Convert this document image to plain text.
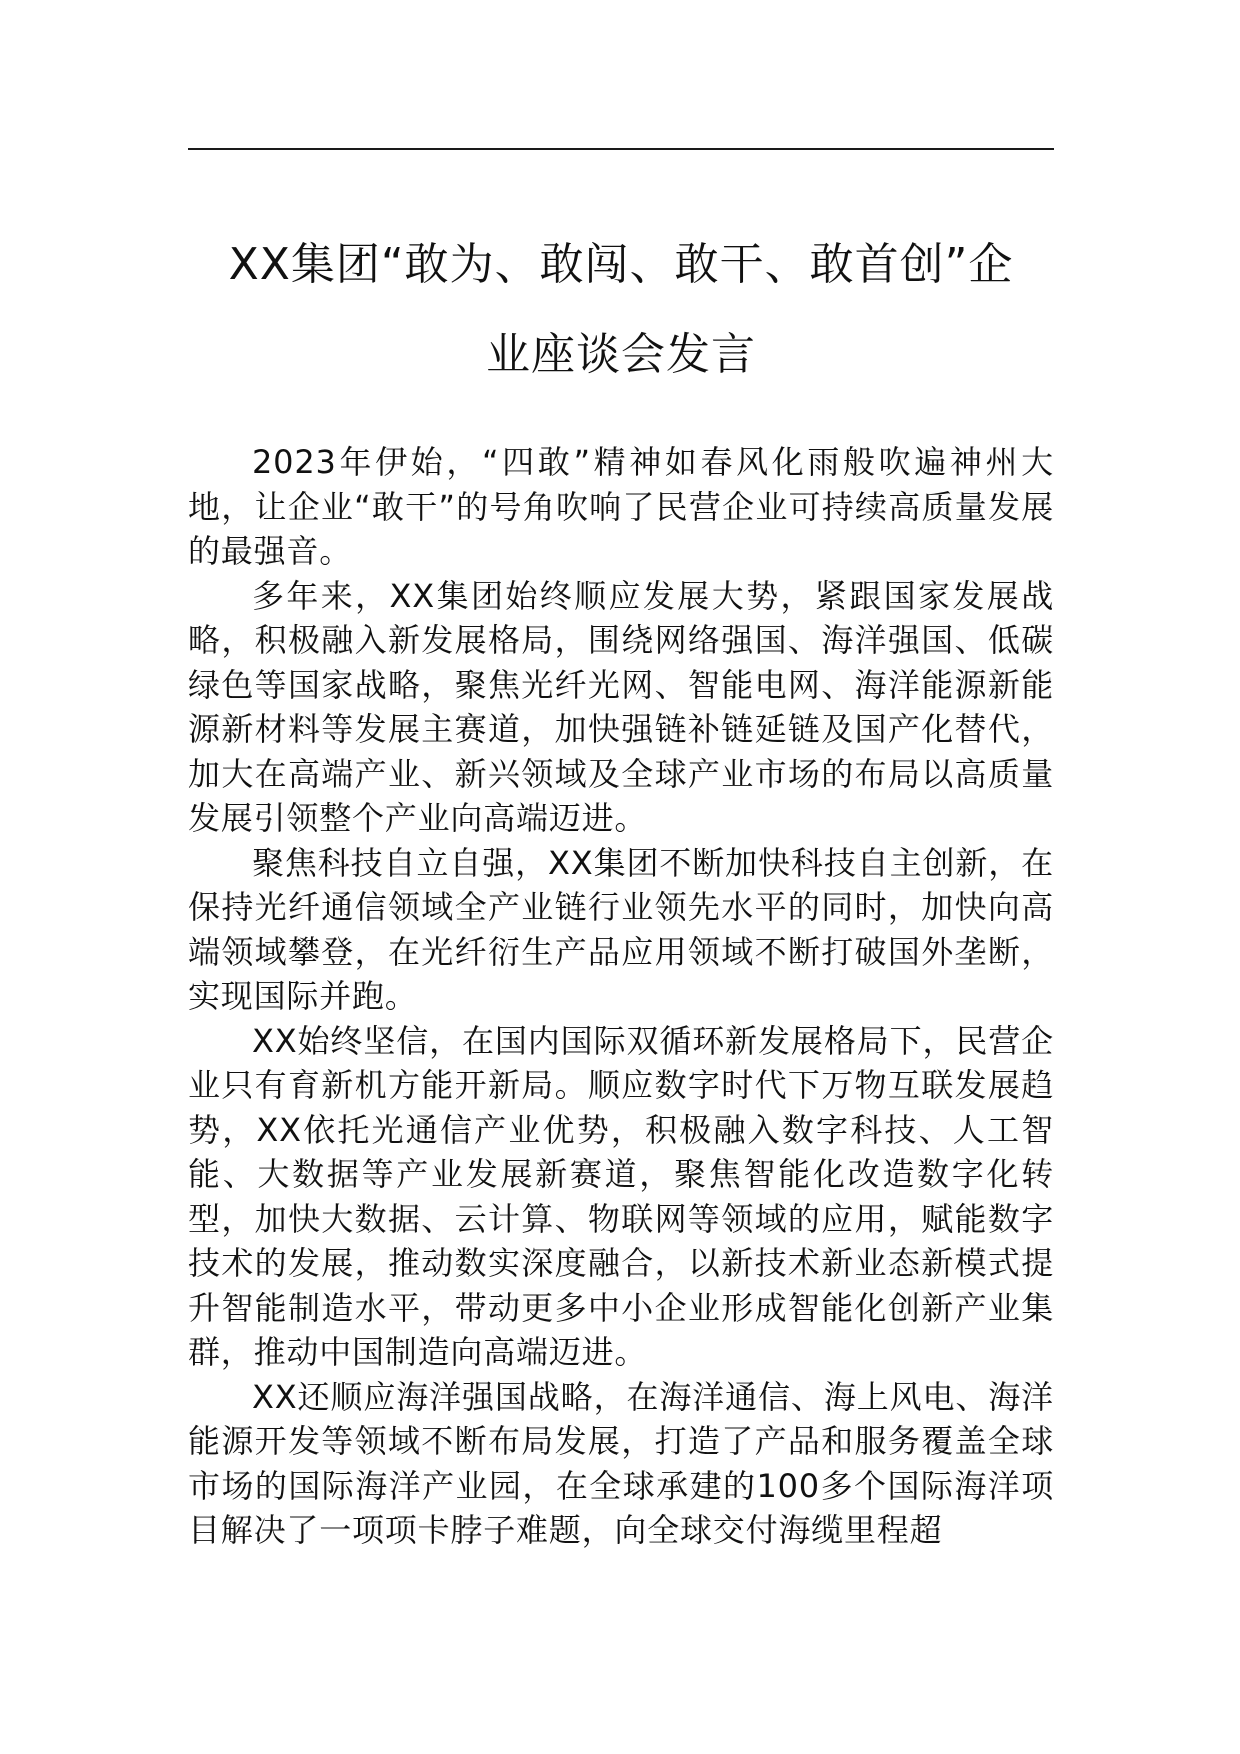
XX集团“敢为、敢闯、敢干、敢首创”企
业座谈会发言

2023年伊始，“四敢”精神如春风化雨般吹遍神州大地，让企业“敢干”的号角吹响了民营企业可持续高质量发展的最强音。

多年来，XX集团始终顺应发展大势，紧跟国家发展战略，积极融入新发展格局，围绕网络强国、海洋强国、低碳绿色等国家战略，聚焦光纤光网、智能电网、海洋能源新能源新材料等发展主赛道，加快强链补链延链及国产化替代，加大在高端产业、新兴领域及全球产业市场的布局以高质量发展引领整个产业向高端迈进。

聚焦科技自立自强，XX集团不断加快科技自主创新，在保持光纤通信领域全产业链行业领先水平的同时，加快向高端领域攀登，在光纤衍生产品应用领域不断打破国外垄断，实现国际并跑。

XX始终坚信，在国内国际双循环新发展格局下，民营企业只有育新机方能开新局。顺应数字时代下万物互联发展趋势，XX依托光通信产业优势，积极融入数字科技、人工智能、大数据等产业发展新赛道，聚焦智能化改造数字化转型，加快大数据、云计算、物联网等领域的应用，赋能数字技术的发展，推动数实深度融合，以新技术新业态新模式提升智能制造水平，带动更多中小企业形成智能化创新产业集群，推动中国制造向高端迈进。

XX还顺应海洋强国战略，在海洋通信、海上风电、海洋能源开发等领域不断布局发展，打造了产品和服务覆盖全球市场的国际海洋产业园，在全球承建的100多个国际海洋项目解决了一项项卡脖子难题，向全球交付海缆里程超
